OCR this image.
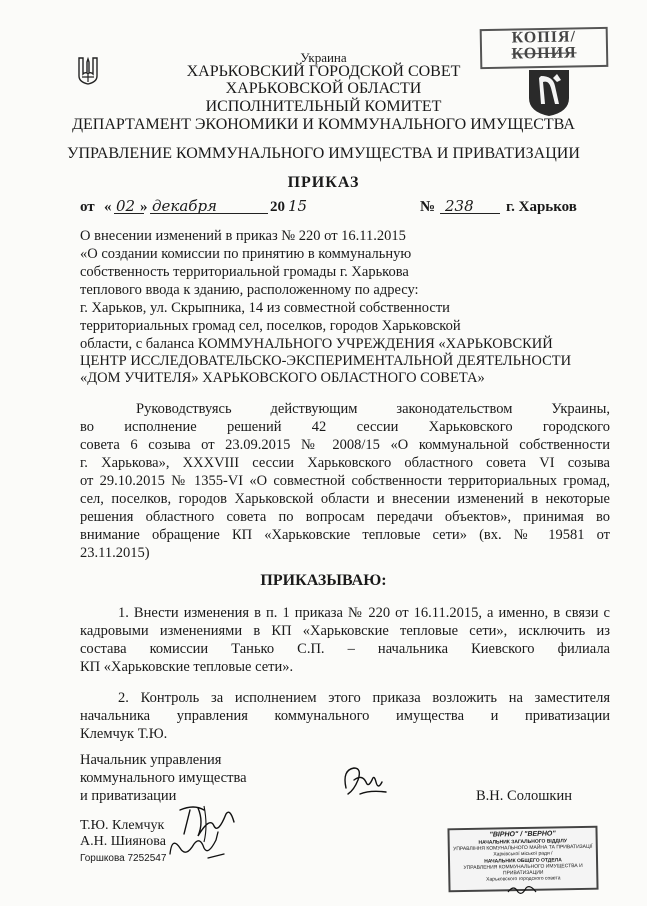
КОПІЯ/
КОПИЯ
Украина
ХАРЬКОВСКИЙ ГОРОДСКОЙ СОВЕТ
ХАРЬКОВСКОЙ ОБЛАСТИ
ИСПОЛНИТЕЛЬНЫЙ КОМИТЕТ
ДЕПАРТАМЕНТ ЭКОНОМИКИ И КОММУНАЛЬНОГО ИМУЩЕСТВА
УПРАВЛЕНИЕ КОММУНАЛЬНОГО ИМУЩЕСТВА И ПРИВАТИЗАЦИИ
ПРИКАЗ
от « 02 » декабря	20 15	№ 238 г. Харьков
О внесении изменений в приказ № 220 от 16.11.2015
«О создании комиссии по принятию в коммунальную
собственность территориальной громады г. Харькова
теплового ввода к зданию, расположенному по адресу:
г. Харьков, ул. Скрыпника, 14 из совместной собственности
территориальных громад сел, поселков, городов Харьковской
области, с баланса КОММУНАЛЬНОГО УЧРЕЖДЕНИЯ «ХАРЬКОВСКИЙ
ЦЕНТР ИССЛЕДОВАТЕЛЬСКО-ЭКСПЕРИМЕНТАЛЬНОЙ ДЕЯТЕЛЬНОСТИ
«ДОМ УЧИТЕЛЯ» ХАРЬКОВСКОГО ОБЛАСТНОГО СОВЕТА»
Руководствуясь действующим законодательством Украины,
во исполнение решений 42 сессии Харьковского городского
совета 6 созыва от 23.09.2015 № 2008/15 «О коммунальной собственности
г. Харькова», XXXVIII сессии Харьковского областного совета VI созыва
от 29.10.2015 № 1355-VI «О совместной собственности территориальных громад,
сел, поселков, городов Харьковской области и внесении изменений в некоторые
решения областного совета по вопросам передачи объектов», принимая во
внимание обращение КП «Харьковские тепловые сети» (вх. № 19581 от
23.11.2015)
ПРИКАЗЫВАЮ:
1. Внести изменения в п. 1 приказа № 220 от 16.11.2015, а именно, в связи с
кадровыми изменениями в КП «Харьковские тепловые сети», исключить из
состава комиссии Танько С.П. – начальника Киевского филиала
КП «Харьковские тепловые сети».
2. Контроль за исполнением этого приказа возложить на заместителя
начальника управления коммунального имущества и приватизации
Клемчук Т.Ю.
Начальник управления
коммунального имущества
и приватизации	В.Н. Солошкин
Т.Ю. Клемчук
А.Н. Шиянова
Горшкова 7252547
"ВІРНО" / "ВЕРНО"
НАЧАЛЬНИК ЗАГАЛЬНОГО ВІДДІЛУ
УПРАВЛІННЯ КОМУНАЛЬНОГО МАЙНА ТА ПРИВАТИЗАЦІЇ
Харківської міської ради /
НАЧАЛЬНИК ОБЩЕГО ОТДЕЛА
УПРАВЛЕНИЯ КОММУНАЛЬНОГО ИМУЩЕСТВА И ПРИВАТИЗАЦИИ
Харьковского городского совета
